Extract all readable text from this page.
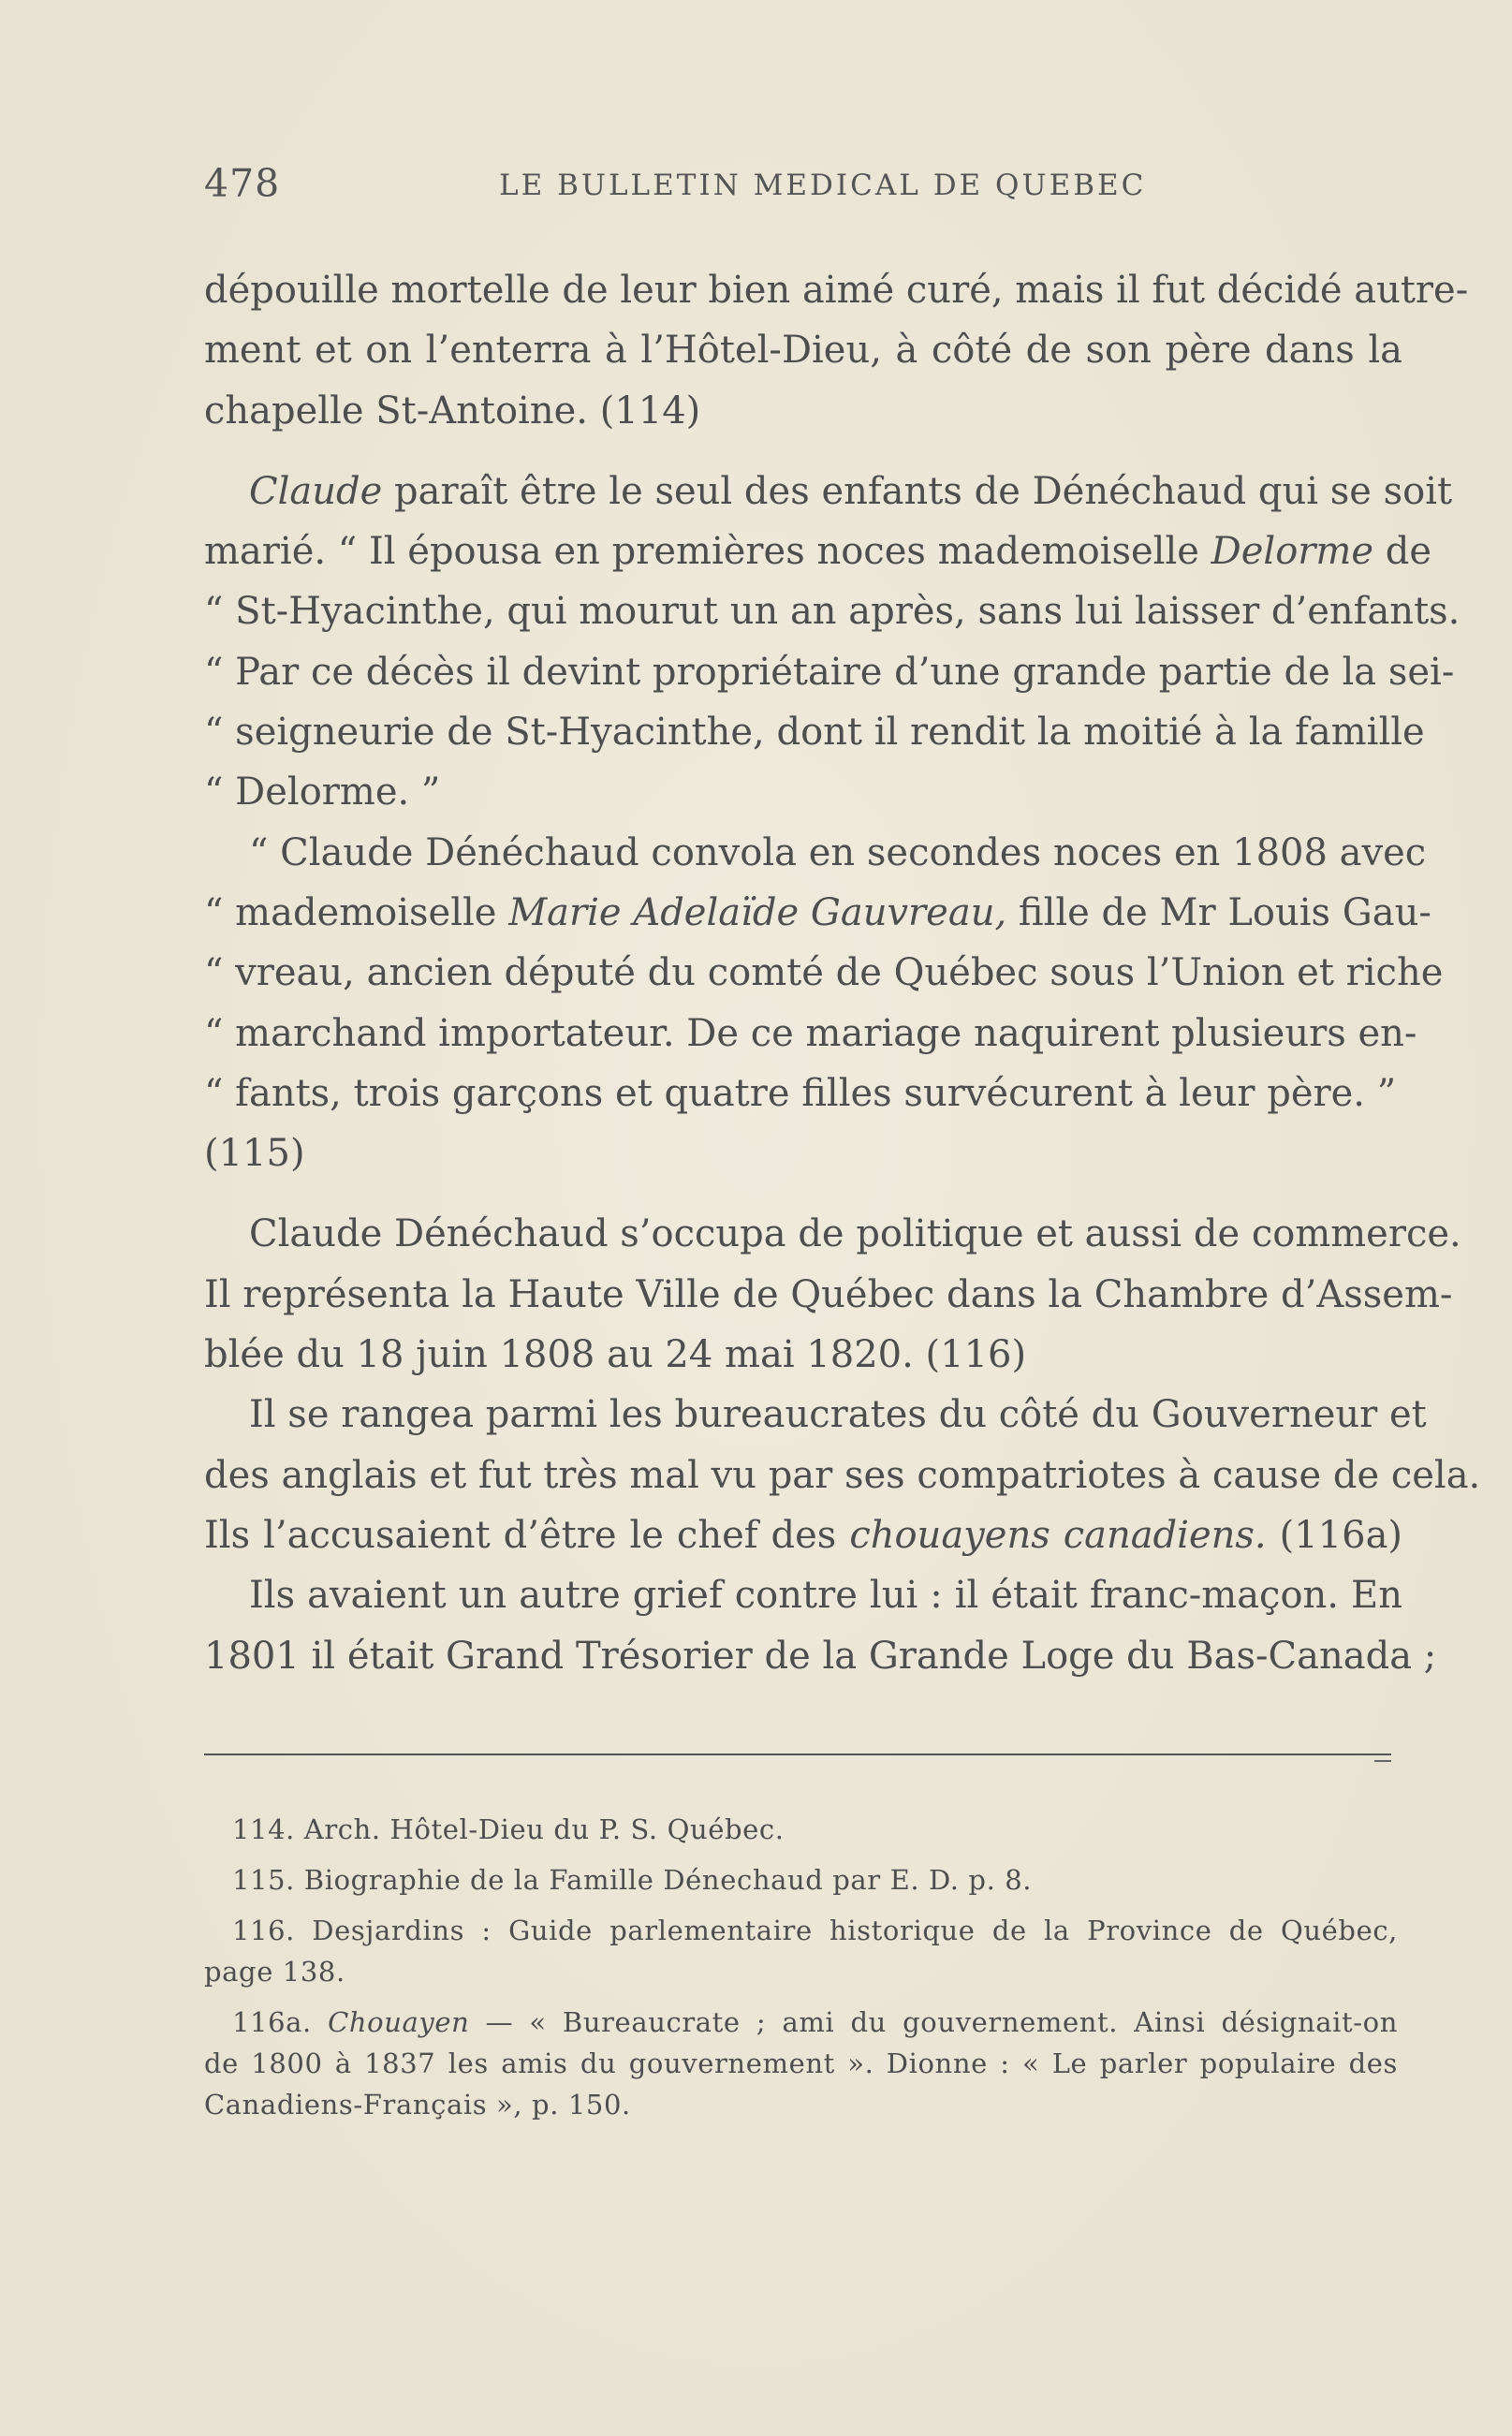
478	LE BULLETIN MEDICAL DE QUEBEC
dépouille mortelle de leur bien aimé curé, mais il fut décidé autre-
ment et on l’enterra à l’Hôtel-Dieu, à côté de son père dans la
chapelle St-Antoine. (114)
Claude paraît être le seul des enfants de Dénéchaud qui se soit
marié. “ Il épousa en premières noces mademoiselle Delorme de
“ St-Hyacinthe, qui mourut un an après, sans lui laisser d’enfants.
“ Par ce décès il devint propriétaire d’une grande partie de la sei-
“ seigneurie de St-Hyacinthe, dont il rendit la moitié à la famille
“ Delorme. ”
“ Claude Dénéchaud convola en secondes noces en 1808 avec
“ mademoiselle Marie Adelaïde Gauvreau, fille de Mr Louis Gau-
“ vreau, ancien député du comté de Québec sous l’Union et riche
“ marchand importateur. De ce mariage naquirent plusieurs en-
“ fants, trois garçons et quatre filles survécurent à leur père. ”
(115)
Claude Dénéchaud s’occupa de politique et aussi de commerce.
Il représenta la Haute Ville de Québec dans la Chambre d’Assem-
blée du 18 juin 1808 au 24 mai 1820. (116)
Il se rangea parmi les bureaucrates du côté du Gouverneur et
des anglais et fut très mal vu par ses compatriotes à cause de cela.
Ils l’accusaient d’être le chef des chouayens canadiens. (116a)
Ils avaient un autre grief contre lui : il était franc-maçon. En
1801 il était Grand Trésorier de la Grande Loge du Bas-Canada ;
114. Arch. Hôtel-Dieu du P. S. Québec.
115. Biographie de la Famille Dénechaud par E. D. p. 8.
116. Desjardins : Guide parlementaire historique de la Province de Québec,
page 138.
116a. Chouayen — « Bureaucrate ; ami du gouvernement. Ainsi désignait-on
de 1800 à 1837 les amis du gouvernement ». Dionne : « Le parler populaire des
Canadiens-Français », p. 150.
